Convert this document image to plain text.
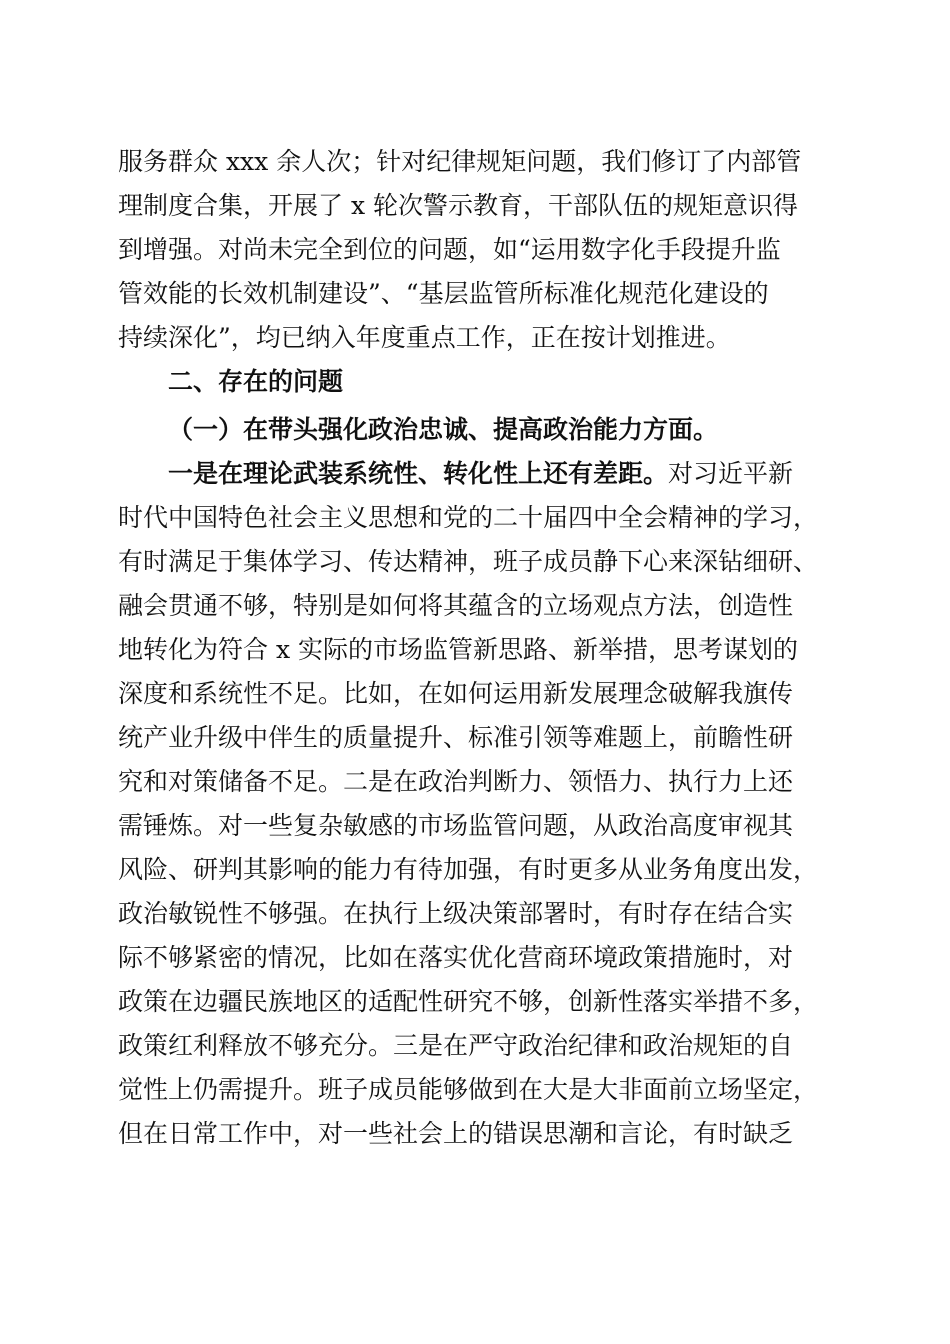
服务群众 xxx 余人次；针对纪律规矩问题，我们修订了内部管
理制度合集，开展了 x 轮次警示教育，干部队伍的规矩意识得
到增强。对尚未完全到位的问题，如“运用数字化手段提升监
管效能的长效机制建设”、“基层监管所标准化规范化建设的
持续深化”，均已纳入年度重点工作，正在按计划推进。
二、存在的问题
（一）在带头强化政治忠诚、提高政治能力方面。
一是在理论武装系统性、转化性上还有差距。对习近平新
时代中国特色社会主义思想和党的二十届四中全会精神的学习，
有时满足于集体学习、传达精神，班子成员静下心来深钻细研、
融会贯通不够，特别是如何将其蕴含的立场观点方法，创造性
地转化为符合 x 实际的市场监管新思路、新举措，思考谋划的
深度和系统性不足。比如，在如何运用新发展理念破解我旗传
统产业升级中伴生的质量提升、标准引领等难题上，前瞻性研
究和对策储备不足。二是在政治判断力、领悟力、执行力上还
需锤炼。对一些复杂敏感的市场监管问题，从政治高度审视其
风险、研判其影响的能力有待加强，有时更多从业务角度出发，
政治敏锐性不够强。在执行上级决策部署时，有时存在结合实
际不够紧密的情况，比如在落实优化营商环境政策措施时，对
政策在边疆民族地区的适配性研究不够，创新性落实举措不多，
政策红利释放不够充分。三是在严守政治纪律和政治规矩的自
觉性上仍需提升。班子成员能够做到在大是大非面前立场坚定，
但在日常工作中，对一些社会上的错误思潮和言论，有时缺乏
